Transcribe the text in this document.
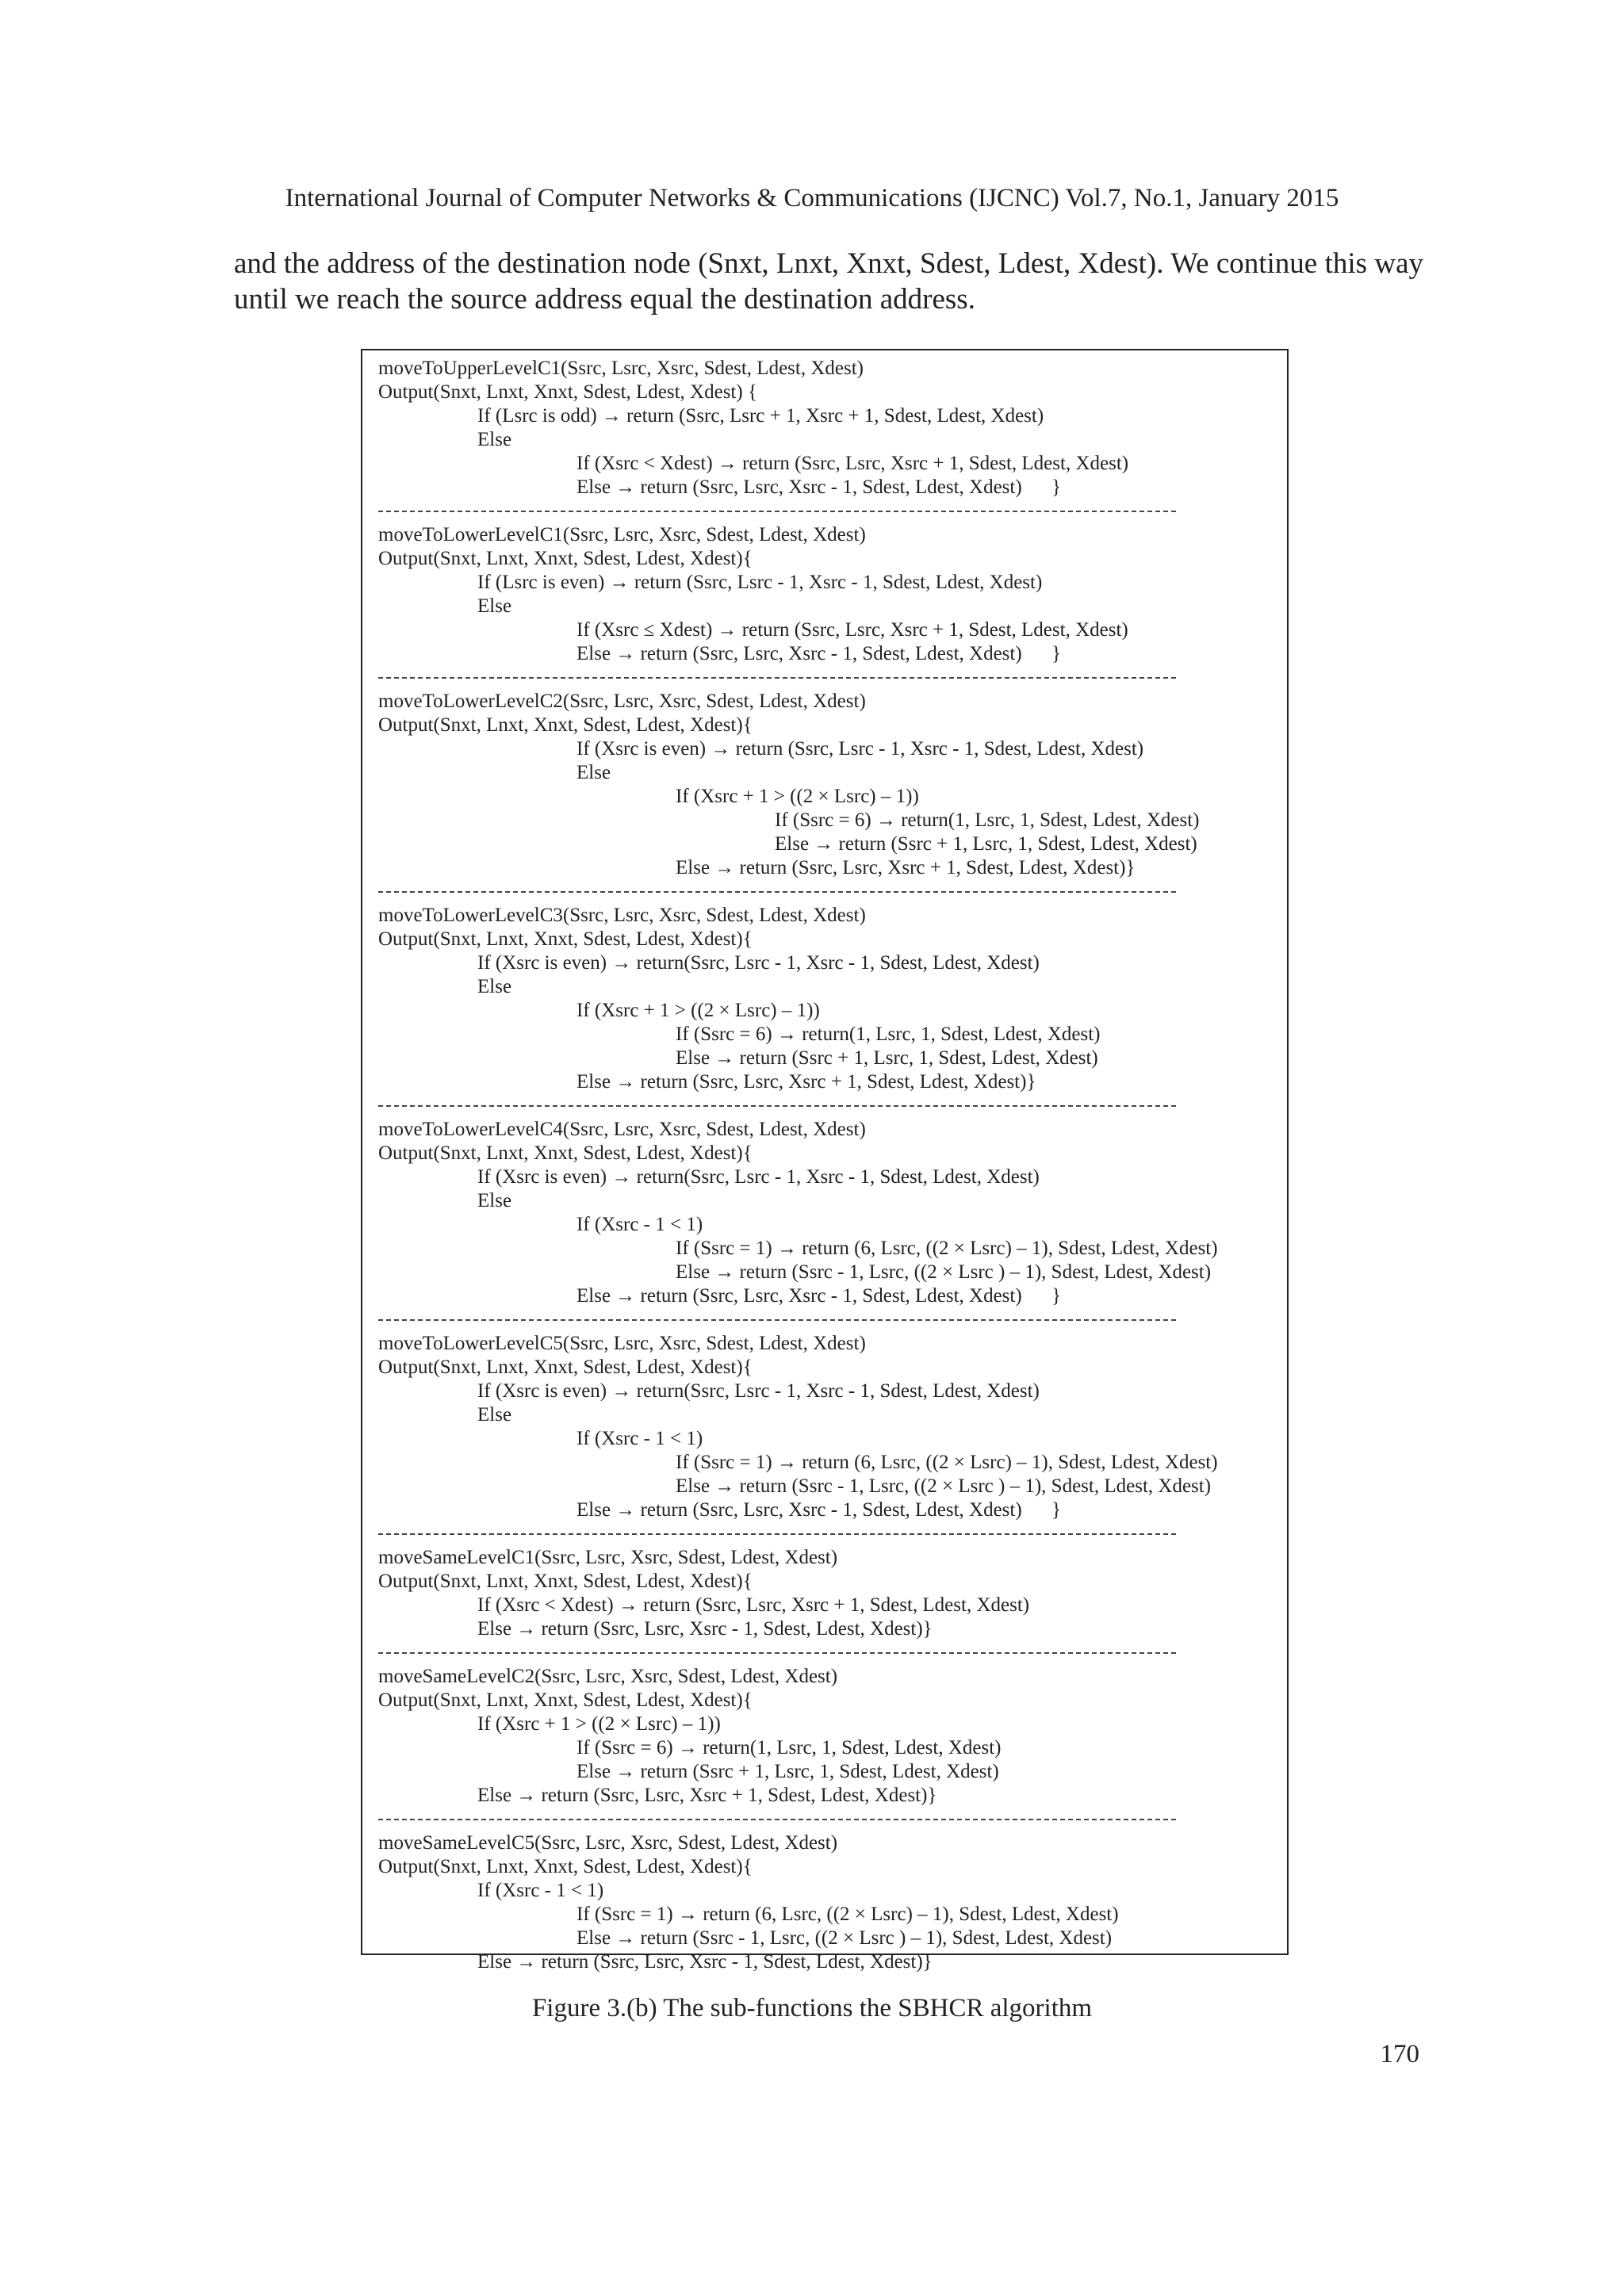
International Journal of Computer Networks & Communications (IJCNC) Vol.7, No.1, January 2015

and the address of the destination node (Snxt, Lnxt, Xnxt, Sdest, Ldest, Xdest). We continue this way until we reach the source address equal the destination address.

moveToUpperLevelC1(Ssrc, Lsrc, Xsrc, Sdest, Ldest, Xdest)
Output(Snxt, Lnxt, Xnxt, Sdest, Ldest, Xdest) {
If (Lsrc is odd) → return (Ssrc, Lsrc + 1, Xsrc + 1, Sdest, Ldest, Xdest)
Else
If (Xsrc < Xdest) → return (Ssrc, Lsrc, Xsrc + 1, Sdest, Ldest, Xdest)
Else → return (Ssrc, Lsrc, Xsrc - 1, Sdest, Ldest, Xdest)      }
moveToLowerLevelC1(Ssrc, Lsrc, Xsrc, Sdest, Ldest, Xdest)
Output(Snxt, Lnxt, Xnxt, Sdest, Ldest, Xdest){
If (Lsrc is even) → return (Ssrc, Lsrc - 1, Xsrc - 1, Sdest, Ldest, Xdest)
Else
If (Xsrc ≤ Xdest) → return (Ssrc, Lsrc, Xsrc + 1, Sdest, Ldest, Xdest)
Else → return (Ssrc, Lsrc, Xsrc - 1, Sdest, Ldest, Xdest)      }
moveToLowerLevelC2(Ssrc, Lsrc, Xsrc, Sdest, Ldest, Xdest)
Output(Snxt, Lnxt, Xnxt, Sdest, Ldest, Xdest){
If (Xsrc is even) → return (Ssrc, Lsrc - 1, Xsrc - 1, Sdest, Ldest, Xdest)
Else
If (Xsrc + 1 > ((2 × Lsrc) – 1))
If (Ssrc = 6) → return(1, Lsrc, 1, Sdest, Ldest, Xdest)
Else → return (Ssrc + 1, Lsrc, 1, Sdest, Ldest, Xdest)
Else → return (Ssrc, Lsrc, Xsrc + 1, Sdest, Ldest, Xdest)}
moveToLowerLevelC3(Ssrc, Lsrc, Xsrc, Sdest, Ldest, Xdest)
Output(Snxt, Lnxt, Xnxt, Sdest, Ldest, Xdest){
If (Xsrc is even) → return(Ssrc, Lsrc - 1, Xsrc - 1, Sdest, Ldest, Xdest)
Else
If (Xsrc + 1 > ((2 × Lsrc) – 1))
If (Ssrc = 6) → return(1, Lsrc, 1, Sdest, Ldest, Xdest)
Else → return (Ssrc + 1, Lsrc, 1, Sdest, Ldest, Xdest)
Else → return (Ssrc, Lsrc, Xsrc + 1, Sdest, Ldest, Xdest)}
moveToLowerLevelC4(Ssrc, Lsrc, Xsrc, Sdest, Ldest, Xdest)
Output(Snxt, Lnxt, Xnxt, Sdest, Ldest, Xdest){
If (Xsrc is even) → return(Ssrc, Lsrc - 1, Xsrc - 1, Sdest, Ldest, Xdest)
Else
If (Xsrc - 1 < 1)
If (Ssrc = 1) → return (6, Lsrc, ((2 × Lsrc) – 1), Sdest, Ldest, Xdest)
Else → return (Ssrc - 1, Lsrc, ((2 × Lsrc ) – 1), Sdest, Ldest, Xdest)
Else → return (Ssrc, Lsrc, Xsrc - 1, Sdest, Ldest, Xdest)      }
moveToLowerLevelC5(Ssrc, Lsrc, Xsrc, Sdest, Ldest, Xdest)
Output(Snxt, Lnxt, Xnxt, Sdest, Ldest, Xdest){
If (Xsrc is even) → return(Ssrc, Lsrc - 1, Xsrc - 1, Sdest, Ldest, Xdest)
Else
If (Xsrc - 1 < 1)
If (Ssrc = 1) → return (6, Lsrc, ((2 × Lsrc) – 1), Sdest, Ldest, Xdest)
Else → return (Ssrc - 1, Lsrc, ((2 × Lsrc ) – 1), Sdest, Ldest, Xdest)
Else → return (Ssrc, Lsrc, Xsrc - 1, Sdest, Ldest, Xdest)      }
moveSameLevelC1(Ssrc, Lsrc, Xsrc, Sdest, Ldest, Xdest)
Output(Snxt, Lnxt, Xnxt, Sdest, Ldest, Xdest){
If (Xsrc < Xdest) → return (Ssrc, Lsrc, Xsrc + 1, Sdest, Ldest, Xdest)
Else → return (Ssrc, Lsrc, Xsrc - 1, Sdest, Ldest, Xdest)}
moveSameLevelC2(Ssrc, Lsrc, Xsrc, Sdest, Ldest, Xdest)
Output(Snxt, Lnxt, Xnxt, Sdest, Ldest, Xdest){
If (Xsrc + 1 > ((2 × Lsrc) – 1))
If (Ssrc = 6) → return(1, Lsrc, 1, Sdest, Ldest, Xdest)
Else → return (Ssrc + 1, Lsrc, 1, Sdest, Ldest, Xdest)
Else → return (Ssrc, Lsrc, Xsrc + 1, Sdest, Ldest, Xdest)}
moveSameLevelC5(Ssrc, Lsrc, Xsrc, Sdest, Ldest, Xdest)
Output(Snxt, Lnxt, Xnxt, Sdest, Ldest, Xdest){
If (Xsrc - 1 < 1)
If (Ssrc = 1) → return (6, Lsrc, ((2 × Lsrc) – 1), Sdest, Ldest, Xdest)
Else → return (Ssrc - 1, Lsrc, ((2 × Lsrc ) – 1), Sdest, Ldest, Xdest)
Else → return (Ssrc, Lsrc, Xsrc - 1, Sdest, Ldest, Xdest)}
Figure 3.(b) The sub-functions the SBHCR algorithm
170
